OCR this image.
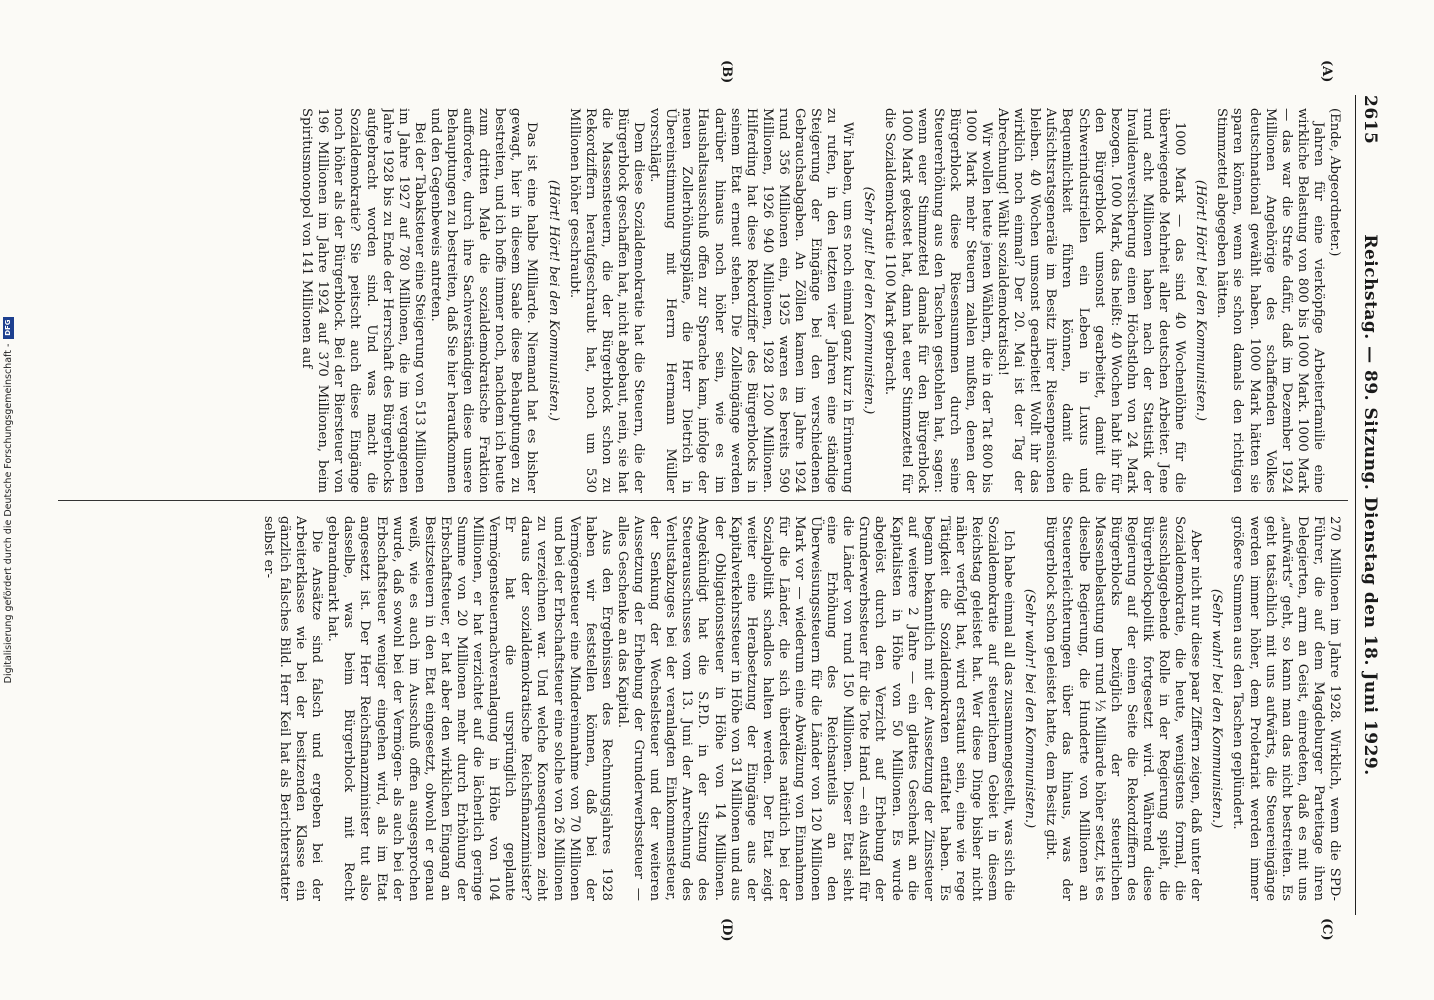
2615
Reichstag. — 89. Sitzung. Dienstag den 18. Juni 1929.
(A)
(B)
(C)
(D)

(Ende, Abgeordneter.)

Jahren für eine vierköpfige Arbeiterfamilie eine wirkliche Belastung von 800 bis 1000 Mark. 1000 Mark — das war die Strafe dafür, daß im Dezember 1924 Millionen Angehörige des schaffenden Volkes deutschnational gewählt haben. 1000 Mark hätten sie sparen können, wenn sie schon damals den richtigen Stimmzettel abgegeben hätten.

(Hört! Hört! bei den Kommunisten.)

1000 Mark — das sind 40 Wochenlöhne für die überwiegende Mehrheit aller deutschen Arbeiter. Jene rund acht Millionen haben nach der Statistik der Invalidenversicherung einen Höchstlohn von 24 Mark bezogen. 1000 Mark, das heißt: 40 Wochen habt ihr für den Bürgerblock umsonst gearbeitet, damit die Schwerindustriellen ein Leben in Luxus und Bequemlichkeit führen können, damit die Aufsichtsratsgeneräle im Besitz ihrer Riesenpensionen bleiben. 40 Wochen umsonst gearbeitet! Wollt ihr das wirklich noch einmal? Der 20. Mai ist der Tag der Abrechnung! Wählt sozialdemokratisch!

Wir wollen heute jenen Wählern, die in der Tat 800 bis 1000 Mark mehr Steuern zahlen mußten, denen der Bürgerblock diese Riesensummen durch seine Steuererhöhung aus den Taschen gestohlen hat, sagen: wenn euer Stimmzettel damals für den Bürgerblock 1000 Mark gekostet hat, dann hat euer Stimmzettel für die Sozialdemokratie 1100 Mark gebracht.

(Sehr gut! bei den Kommunisten.)

Wir haben, um es noch einmal ganz kurz in Erinnerung zu rufen, in den letzten vier Jahren eine ständige Steigerung der Eingänge bei den verschiedenen Gebrauchsabgaben. An Zöllen kamen im Jahre 1924 rund 356 Millionen ein, 1925 waren es bereits 590 Millionen, 1926 940 Millionen, 1928 1200 Millionen. Hilferding hat diese Rekordziffer des Bürgerblocks in seinem Etat erneut stehen. Die Zolleingänge werden darüber hinaus noch höher sein, wie es im Haushaltsausschuß offen zur Sprache kam, infolge der neuen Zollerhöhungspläne, die Herr Dietrich in Übereinstimmung mit Herrn Hermann Müller vorschlägt.

Dem diese Sozialdemokratie hat die Steuern, die der Bürgerblock geschaffen hat, nicht abgebaut, nein, sie hat die Massensteuern, die der Bürgerblock schon zu Rekordziffern heraufgeschraubt hat, noch um 530 Millionen höher geschraubt.

(Hört! Hört! bei den Kommunisten.)

Das ist eine halbe Milliarde. Niemand hat es bisher gewagt, hier in diesem Saale diese Behauptungen zu bestreiten, und ich hoffe immer noch, nachdem ich heute zum dritten Male die sozialdemokratische Fraktion auffordere, durch ihre Sachverständigen diese unsere Behauptungen zu bestreiten, daß Sie hier heraufkommen und den Gegenbeweis antreten.

Bei der Tabaksteuer eine Steigerung von 513 Millionen im Jahre 1927 auf 780 Millionen, die im vergangenen Jahre 1928 bis zu Ende der Herrschaft des Bürgerblocks aufgebracht worden sind. Und was macht die Sozialdemokratie? Sie peitscht auch diese Eingänge noch höher als der Bürgerblock. Bei der Biersteuer von 196 Millionen im Jahre 1924 auf 370 Millionen, beim Spiritusmonopol von 141 Millionen auf

270 Millionen im Jahre 1928. Wirklich, wenn die SPD-Führer, die auf dem Magdeburger Parteitage ihren Delegierten, arm an Geist, einredeten, daß es mit uns „aufwärts“ geht, so kann man das nicht bestreiten. Es geht tatsächlich mit uns aufwärts, die Steuereingänge werden immer höher, dem Proletariat werden immer größere Summen aus den Taschen geplündert.

(Sehr wahr! bei den Kommunisten.)

Aber nicht nur diese paar Ziffern zeigen, daß unter der Sozialdemokratie, die heute, wenigstens formal, die ausschlaggebende Rolle in der Regierung spielt, die Bürgerblockpolitik fortgesetzt wird. Während diese Regierung auf der einen Seite die Rekordziffern des Bürgerblocks bezüglich der steuerlichen Massenbelastung um rund ½ Milliarde höher setzt, ist es dieselbe Regierung, die Hunderte von Millionen an Steuererleichterungen über das hinaus, was der Bürgerblock schon geleistet hatte, dem Besitz gibt.

(Sehr wahr! bei den Kommunisten.)

Ich habe einmal all das zusammengestellt, was sich die Sozialdemokratie auf steuerlichem Gebiet in diesem Reichstag geleistet hat. Wer diese Dinge bisher nicht näher verfolgt hat, wird erstaunt sein, eine wie rege Tätigkeit die Sozialdemokraten entfaltet haben. Es begann bekanntlich mit der Aussetzung der Zinssteuer auf weitere 2 Jahre — ein glattes Geschenk an die Kapitalisten in Höhe von 50 Millionen. Es wurde abgelöst durch den Verzicht auf Erhebung der Grunderwerbssteuer für die Tote Hand — ein Ausfall für die Länder von rund 150 Millionen. Dieser Etat sieht eine Erhöhung des Reichsanteils an den Überweisungssteuern für die Länder von 120 Millionen Mark vor — wiederum eine Abwälzung von Einnahmen für die Länder, die sich überdies natürlich bei der Sozialpolitik schadlos halten werden. Der Etat zeigt weiter eine Herabsetzung der Eingänge aus der Kapitalverkehrssteuer in Höhe von 31 Millionen und aus der Obligationssteuer in Höhe von 14 Millionen. Angekündigt hat die S.P.D. in der Sitzung des Steuerausschusses vom 13. Juni der Anrechnung des Verlustabzuges bei der veranlagten Einkommensteuer, der Senkung der Wechselsteuer und der weiteren Aussetzung der Erhebung der Grunderwerbssteuer — alles Geschenke an das Kapital.

Aus den Ergebnissen des Rechnungsjahres 1928 haben wir feststellen können, daß bei der Vermögensteuer eine Mindereinnahme von 70 Millionen und bei der Erbschaftsteuer eine solche von 26 Millionen zu verzeichnen war. Und welche Konsequenzen zieht daraus der sozialdemokratische Reichsfinanzminister? Er hat die ursprünglich geplante Vermögensteuernachveranlagung in Höhe von 104 Millionen, er hat verzichtet auf die lächerlich geringe Summe von 20 Millionen mehr durch Erhöhung der Erbschaftsteuer, er hat aber den wirklichen Eingang an Besitzsteuern in den Etat eingesetzt, obwohl er genau weiß, wie es auch im Ausschuß offen ausgesprochen wurde, daß sowohl bei der Vermögen- als auch bei der Erbschaftsteuer weniger eingehen wird, als im Etat angesetzt ist. Der Herr Reichsfinanzminister tut also dasselbe, was beim Bürgerblock mit Recht gebrandmarkt hat.

Die Ansätze sind falsch und ergeben bei der Arbeiterklasse wie bei der besitzenden Klasse ein gänzlich falsches Bild. Herr Keil hat als Berichterstatter selbst er-

Digitalisierung gefördert durch die Deutsche Forschungsgemeinschaft -
DFG
